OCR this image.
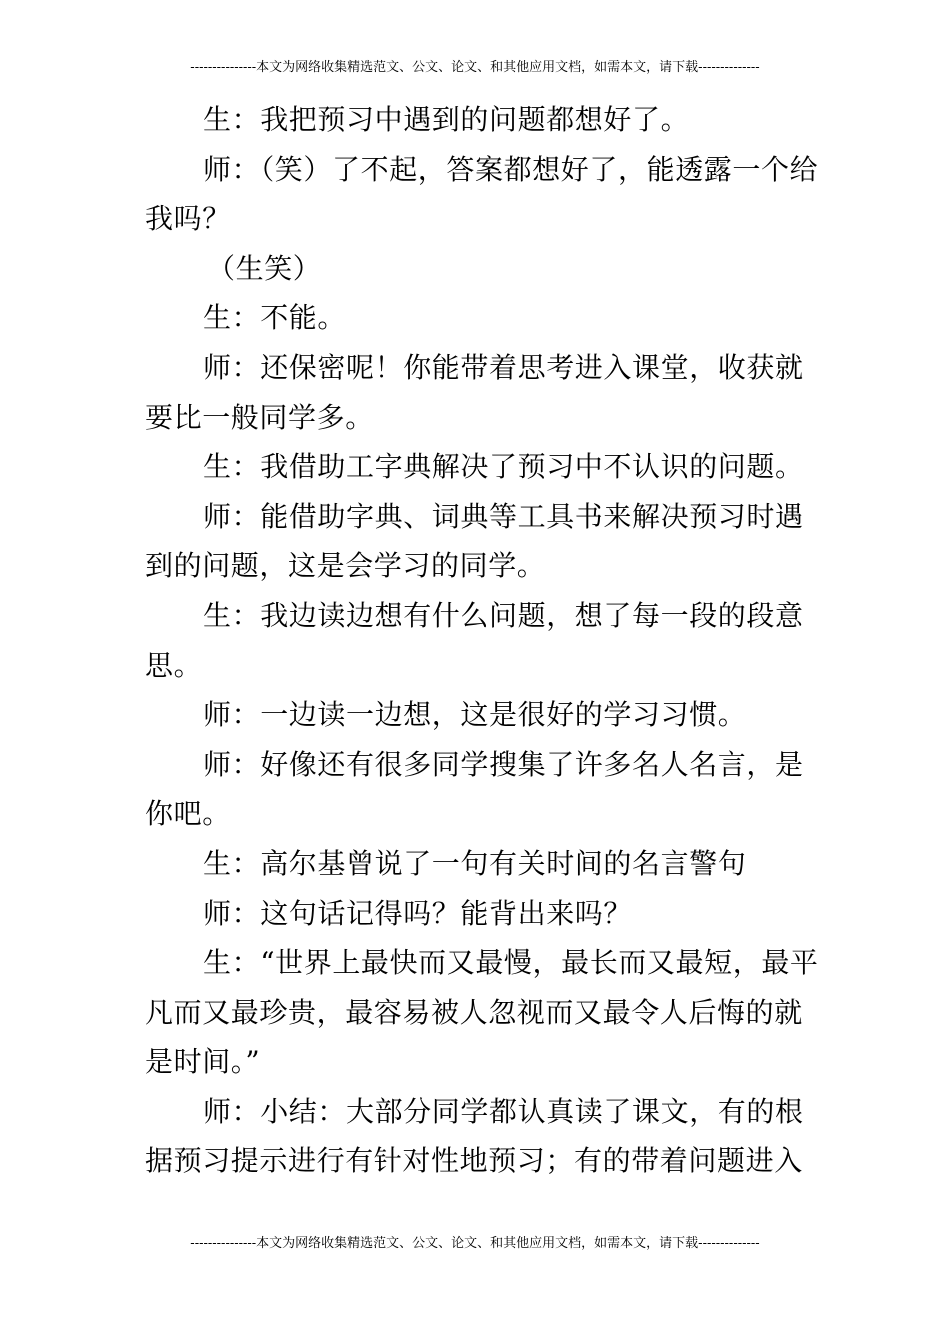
---------------本文为网络收集精选范文、公文、论文、和其他应用文档，如需本文，请下载--------------

生：我把预习中遇到的问题都想好了。

师：（笑）了不起，答案都想好了，能透露一个给我吗？

（生笑）

生：不能。

师：还保密呢！你能带着思考进入课堂，收获就要比一般同学多。

生：我借助工字典解决了预习中不认识的问题。

师：能借助字典、词典等工具书来解决预习时遇到的问题，这是会学习的同学。

生：我边读边想有什么问题，想了每一段的段意思。

师：一边读一边想，这是很好的学习习惯。

师：好像还有很多同学搜集了许多名人名言，是你吧。

生：高尔基曾说了一句有关时间的名言警句

师：这句话记得吗？能背出来吗？

生：“世界上最快而又最慢，最长而又最短，最平凡而又最珍贵，最容易被人忽视而又最令人后悔的就是时间。”

师：小结：大部分同学都认真读了课文，有的根据预习提示进行有针对性地预习；有的带着问题进入

---------------本文为网络收集精选范文、公文、论文、和其他应用文档，如需本文，请下载--------------
